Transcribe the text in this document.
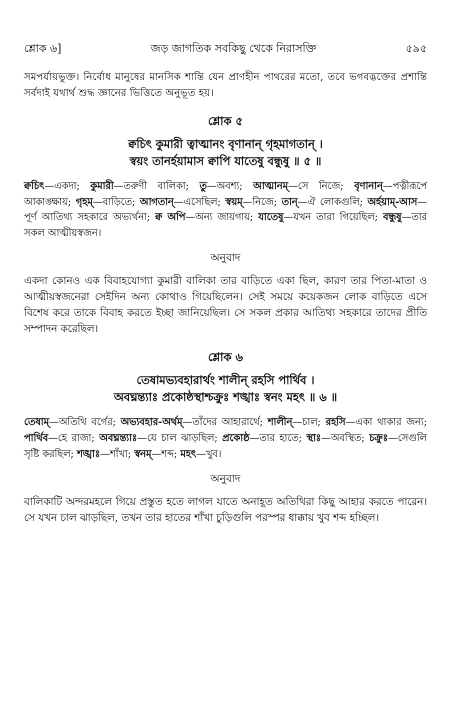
শ্লোক ৬]	জড় জাগতিক সবকিছু থেকে নিরাসক্তি	৫৯৫

সমপর্যায়ভুক্ত। নির্বোধ মানুষের মানসিক শান্তি যেন প্রাণহীন পাথরের মতো, তবে ভগবদ্ভক্তের প্রশান্তি সর্বদাই যথার্থ শুদ্ধ জ্ঞানের ভিত্তিতে অনুভূত হয়।

শ্লোক ৫
ক্বচিৎ কুমারী ত্বাত্মানং বৃণানান্ গৃহমাগতান্ ।
স্বয়ং তানর্হয়ামাস ক্বাপি যাতেষু বন্ধুষু ॥ ৫ ॥

ক্বচিৎ—একদা; কুমারী—তরুণী বালিকা; তু—অবশ্য; আত্মানম্—সে নিজে; বৃণানান্—পত্নীরূপে আকাঙ্ক্ষায়; গৃহম্—বাড়িতে; আগতান্—এসেছিল; স্বয়ম্—নিজে; তান্—ঐ লোকগুলি; অর্হয়াম্-আস—পূর্ণ আতিথ্য সহকারে অভ্যর্থনা; ক্ব অপি—অন্য জায়গায়; যাতেষু—যখন তারা গিয়েছিল; বন্ধুষু—তার সকল আত্মীয়স্বজন।

অনুবাদ

একদা কোনও এক বিবাহযোগ্যা কুমারী বালিকা তার বাড়িতে একা ছিল, কারণ তার পিতা-মাতা ও আত্মীয়স্বজনেরা সেইদিন অন্য কোথাও গিয়েছিলেন। সেই সময়ে কয়েকজন লোক বাড়িতে এসে বিশেষ করে তাকে বিবাহ করতে ইচ্ছা জানিয়েছিল। সে সকল প্রকার আতিথ্য সহকারে তাদের প্রীতি সম্পাদন করেছিল।

শ্লোক ৬
তেষামভ্যবহারার্থং শালীন্ রহসি পার্থিব ।
অবঘ্নন্ত্যাঃ প্রকোষ্ঠস্থাশ্চক্রুঃ শঙ্খাঃ স্বনং মহৎ ॥ ৬ ॥

তেষাম্—অতিথি বর্গের; অভ্যবহার-অর্থম্—তাঁদের আহারার্থে; শালীন্—চাল; রহসি—একা থাকার জন্য; পার্থিব—হে রাজা; অবঘ্নন্ত্যাঃ—যে চাল ঝাড়ছিল; প্রকোষ্ঠ—তার হাতে; স্থাঃ—অবস্থিত; চক্রুঃ—সেগুলি সৃষ্টি করছিল; শঙ্খাঃ—শাঁখা; স্বনম্—শব্দ; মহৎ—খুব।

অনুবাদ

বালিকাটি অন্দরমহলে গিয়ে প্রস্তুত হতে লাগল যাতে অনাহূত অতিথিরা কিছু আহার করতে পারেন। সে যখন চাল ঝাড়ছিল, তখন তার হাতের শাঁখা চুড়িগুলি পরস্পর ধাক্কায় খুব শব্দ হচ্ছিল।
